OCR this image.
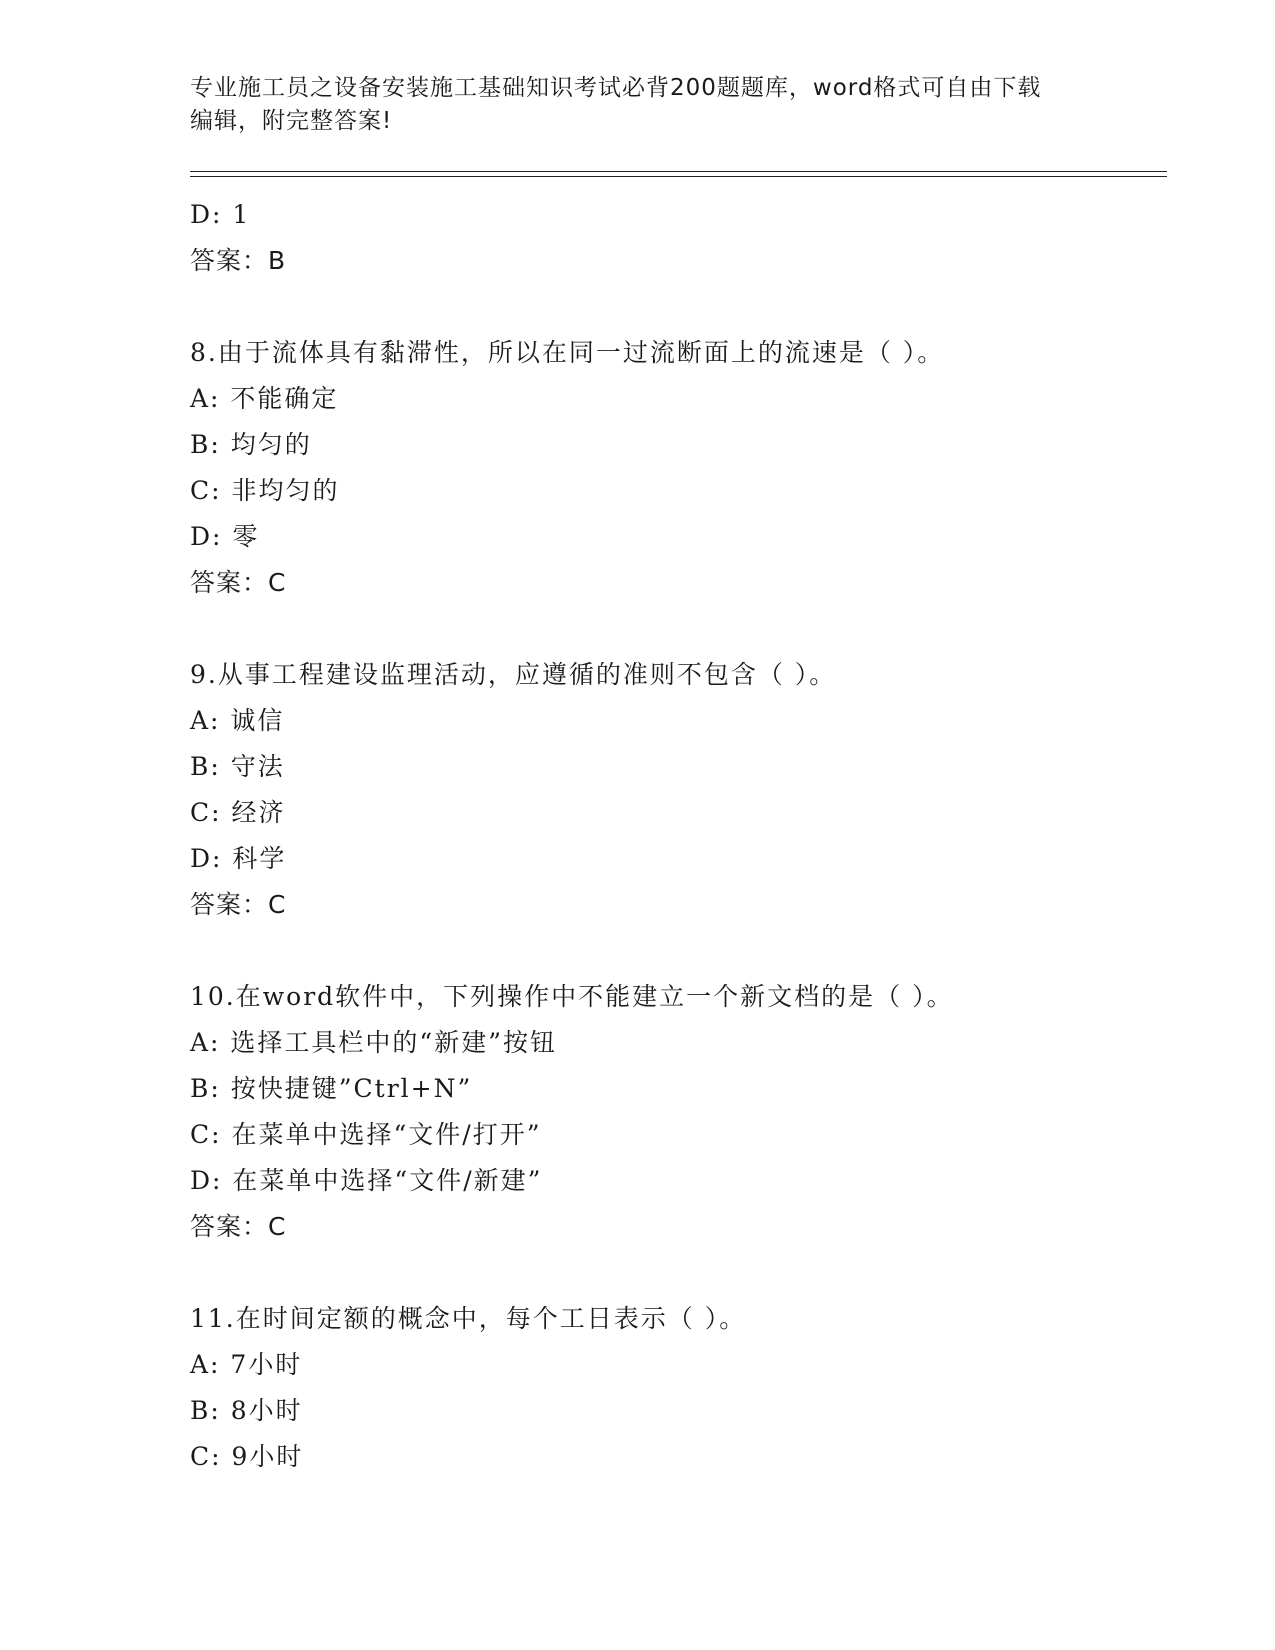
专业施工员之设备安装施工基础知识考试必背200题题库，word格式可自由下载
编辑，附完整答案!
D: 1
答案：B
8.由于流体具有黏滞性，所以在同一过流断面上的流速是（ ）。
A: 不能确定
B: 均匀的
C: 非均匀的
D: 零
答案：C
9.从事工程建设监理活动，应遵循的准则不包含（ ）。
A: 诚信
B: 守法
C: 经济
D: 科学
答案：C
10.在word软件中，下列操作中不能建立一个新文档的是（ ）。
A: 选择工具栏中的“新建”按钮
B: 按快捷键”Ctrl+N”
C: 在菜单中选择“文件/打开”
D: 在菜单中选择“文件/新建”
答案：C
11.在时间定额的概念中，每个工日表示（ ）。
A: 7小时
B: 8小时
C: 9小时
